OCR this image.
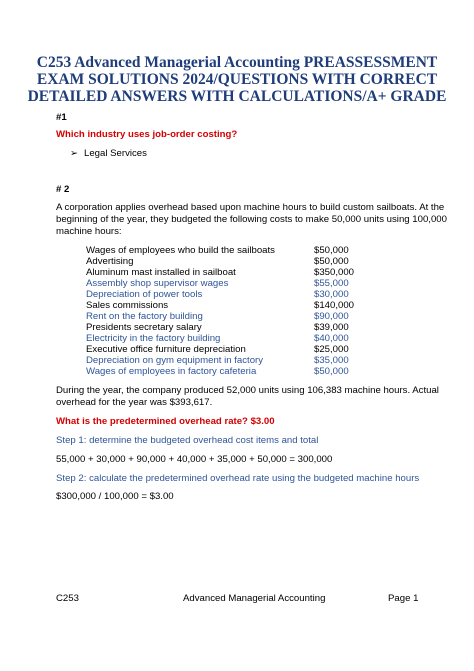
C253 Advanced Managerial Accounting PREASSESSMENT EXAM SOLUTIONS 2024/QUESTIONS WITH CORRECT DETAILED ANSWERS WITH CALCULATIONS/A+ GRADE
#1
Which industry uses job-order costing?
➢ Legal Services
# 2
A corporation applies overhead based upon machine hours to build custom sailboats. At the beginning of the year, they budgeted the following costs to make 50,000 units using 100,000 machine hours:
Wages of employees who build the sailboats	$50,000
Advertising	$50,000
Aluminum mast installed in sailboat	$350,000
Assembly shop supervisor wages	$55,000
Depreciation of power tools	$30,000
Sales commissions	$140,000
Rent on the factory building	$90,000
Presidents secretary salary	$39,000
Electricity in the factory building	$40,000
Executive office furniture depreciation	$25,000
Depreciation on gym equipment in factory	$35,000
Wages of employees in factory cafeteria	$50,000
During the year, the company produced 52,000 units using 106,383 machine hours. Actual overhead for the year was $393,617.
What is the predetermined overhead rate? $3.00
Step 1: determine the budgeted overhead cost items and total
55,000 + 30,000 + 90,000 + 40,000 + 35,000 + 50,000 = 300,000
Step 2: calculate the predetermined overhead rate using the budgeted machine hours
$300,000 / 100,000 = $3.00
C253	Advanced Managerial Accounting	Page 1
